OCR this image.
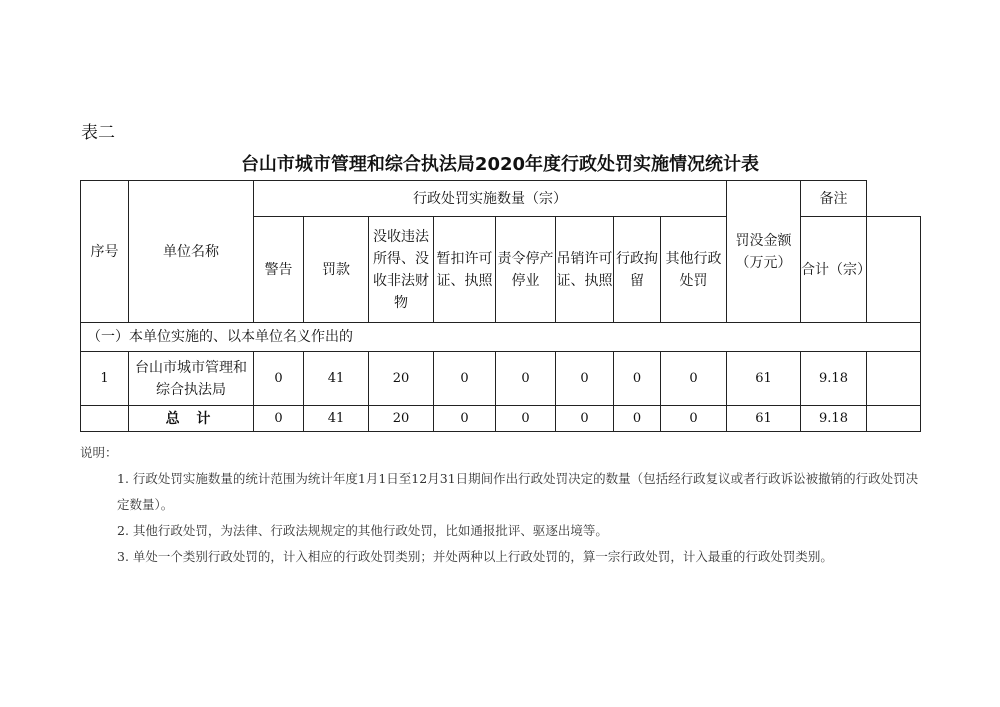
表二
台山市城市管理和综合执法局2020年度行政处罚实施情况统计表
序号	单位名称	行政处罚实施数量（宗）								罚没金额（万元）	备注	
		警告	罚款	没收违法所得、没收非法财物	暂扣许可证、执照	责令停产停业	吊销许可证、执照	行政拘留	其他行政处罚		合计（宗）	
（一）本单位实施的、以本单位名义作出的												
1	台山市城市管理和综合执法局	0	41	20	0	0	0	0	0	61	9.18	
	总 计	0	41	20	0	0	0	0	0	61	9.18	

说明：

1. 行政处罚实施数量的统计范围为统计年度1月1日至12月31日期间作出行政处罚决定的数量（包括经行政复议或者行政诉讼被撤销的行政处罚决定数量）。

2. 其他行政处罚，为法律、行政法规规定的其他行政处罚，比如通报批评、驱逐出境等。

3. 单处一个类别行政处罚的，计入相应的行政处罚类别；并处两种以上行政处罚的，算一宗行政处罚，计入最重的行政处罚类别。
